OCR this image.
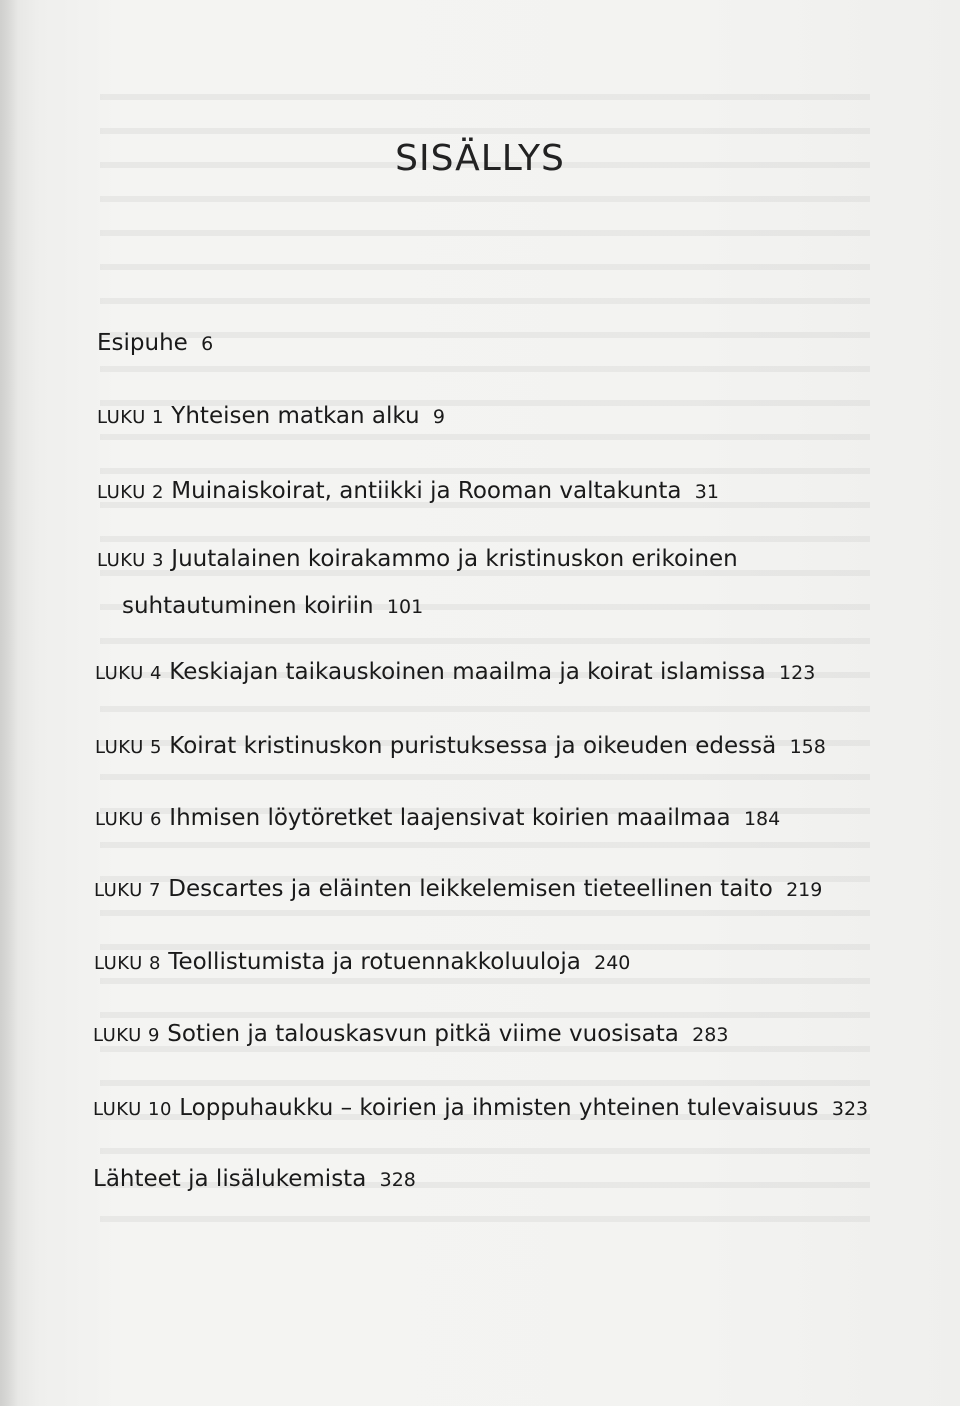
SISÄLLYS
Esipuhe 6
LUKU 1 Yhteisen matkan alku 9
LUKU 2 Muinaiskoirat, antiikki ja Rooman valtakunta 31
LUKU 3 Juutalainen koirakammo ja kristinuskon erikoinen
suhtautuminen koiriin 101
LUKU 4 Keskiajan taikauskoinen maailma ja koirat islamissa 123
LUKU 5 Koirat kristinuskon puristuksessa ja oikeuden edessä 158
LUKU 6 Ihmisen löytöretket laajensivat koirien maailmaa 184
LUKU 7 Descartes ja eläinten leikkelemisen tieteellinen taito 219
LUKU 8 Teollistumista ja rotuennakkoluuloja 240
LUKU 9 Sotien ja talouskasvun pitkä viime vuosisata 283
LUKU 10 Loppuhaukku – koirien ja ihmisten yhteinen tulevaisuus 323
Lähteet ja lisälukemista 328
